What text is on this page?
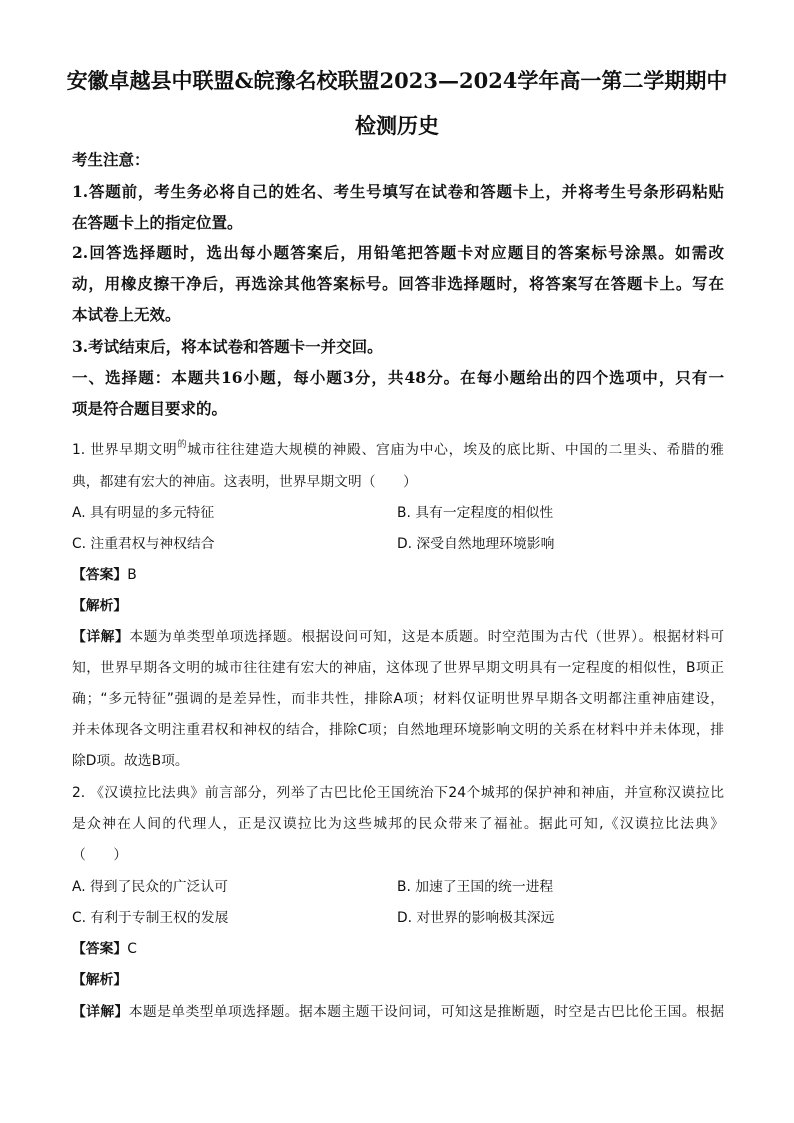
安徽卓越县中联盟&皖豫名校联盟2023—2024学年高一第二学期期中
检测历史
考生注意：
1.答题前，考生务必将自己的姓名、考生号填写在试卷和答题卡上，并将考生号条形码粘贴
在答题卡上的指定位置。
2.回答选择题时，选出每小题答案后，用铅笔把答题卡对应题目的答案标号涂黑。如需改
动，用橡皮擦干净后，再选涂其他答案标号。回答非选择题时，将答案写在答题卡上。写在
本试卷上无效。
3.考试结束后，将本试卷和答题卡一并交回。
一、选择题：本题共16小题，每小题3分，共48分。在每小题给出的四个选项中，只有一
项是符合题目要求的。
1. 世界早期文明$^的$城市往往建造大规模的神殿、宫庙为中心，埃及的底比斯、中国的二里头、希腊的雅
典，都建有宏大的神庙。这表明，世界早期文明（　　）
A. 具有明显的多元特征	B. 具有一定程度的相似性
C. 注重君权与神权结合	D. 深受自然地理环境影响
【答案】B
【解析】
【详解】本题为单类型单项选择题。根据设问可知，这是本质题。时空范围为古代（世界）。根据材料可
知，世界早期各文明的城市往往建有宏大的神庙，这体现了世界早期文明具有一定程度的相似性，B项正
确；“多元特征”强调的是差异性，而非共性，排除A项；材料仅证明世界早期各文明都注重神庙建设，
并未体现各文明注重君权和神权的结合，排除C项；自然地理环境影响文明的关系在材料中并未体现，排
除D项。故选B项。
2. 《汉谟拉比法典》前言部分，列举了古巴比伦王国统治下24个城邦的保护神和神庙，并宣称汉谟拉比
是众神在人间的代理人，正是汉谟拉比为这些城邦的民众带来了福祉。据此可知,《汉谟拉比法典》
（　　）
A. 得到了民众的广泛认可	B. 加速了王国的统一进程
C. 有利于专制王权的发展	D. 对世界的影响极其深远
【答案】C
【解析】
【详解】本题是单类型单项选择题。据本题主题干设问词，可知这是推断题，时空是古巴比伦王国。根据
